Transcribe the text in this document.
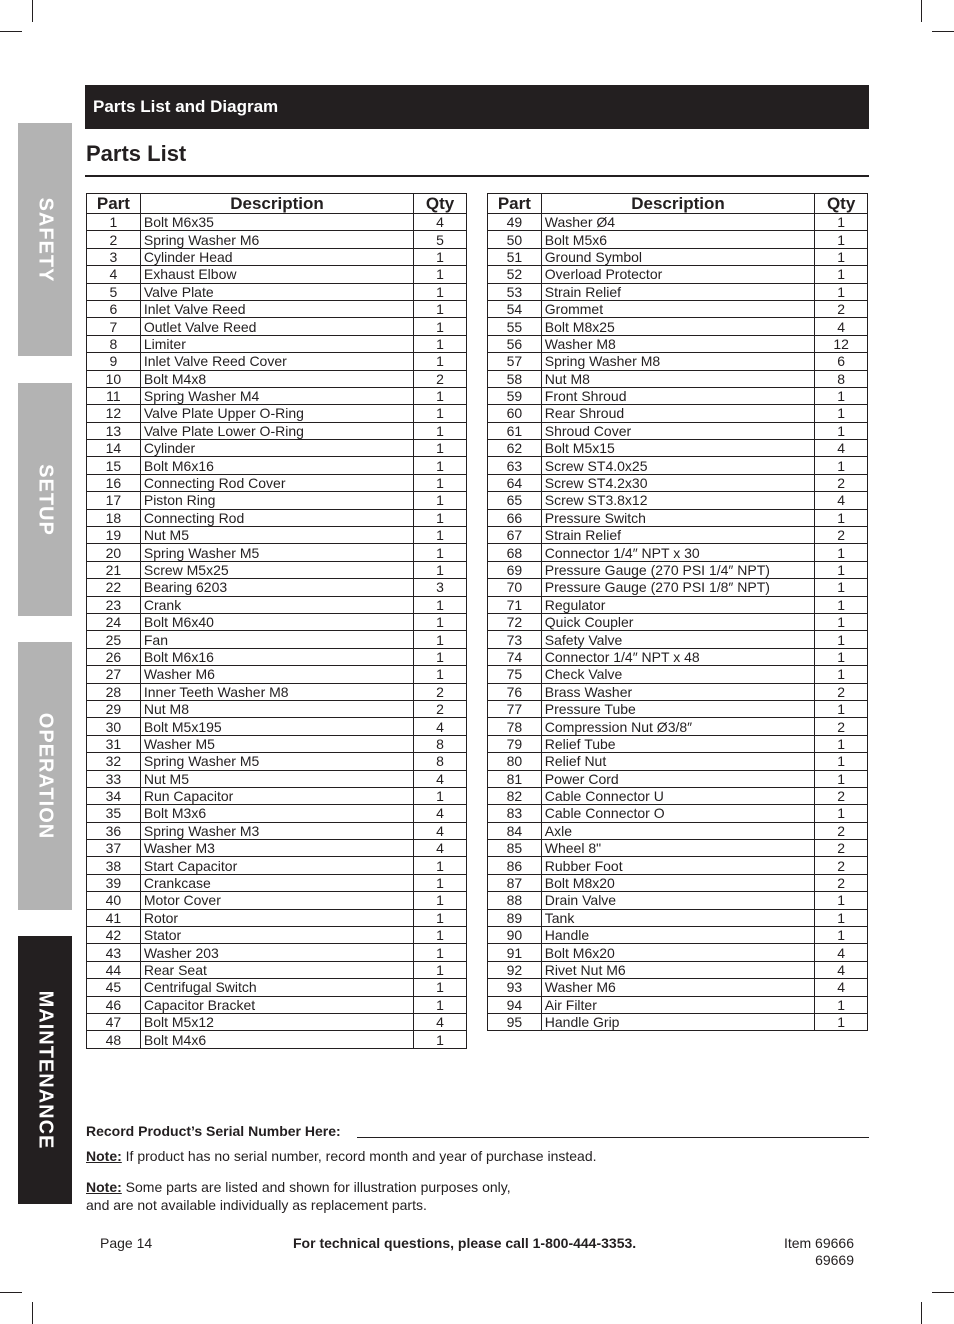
SAFETY
SETUP
OPERATION
MAINTENANCE
Parts List and Diagram
Parts List
Part	Description	Qty
1	Bolt M6x35	4
2	Spring Washer M6	5
3	Cylinder Head	1
4	Exhaust Elbow	1
5	Valve Plate	1
6	Inlet Valve Reed	1
7	Outlet Valve Reed	1
8	Limiter	1
9	Inlet Valve Reed Cover	1
10	Bolt M4x8	2
11	Spring Washer M4	1
12	Valve Plate Upper O-Ring	1
13	Valve Plate Lower O-Ring	1
14	Cylinder	1
15	Bolt M6x16	1
16	Connecting Rod Cover	1
17	Piston Ring	1
18	Connecting Rod	1
19	Nut M5	1
20	Spring Washer M5	1
21	Screw M5x25	1
22	Bearing 6203	3
23	Crank	1
24	Bolt M6x40	1
25	Fan	1
26	Bolt M6x16	1
27	Washer M6	1
28	Inner Teeth Washer M8	2
29	Nut M8	2
30	Bolt M5x195	4
31	Washer M5	8
32	Spring Washer M5	8
33	Nut M5	4
34	Run Capacitor	1
35	Bolt M3x6	4
36	Spring Washer M3	4
37	Washer M3	4
38	Start Capacitor	1
39	Crankcase	1
40	Motor Cover	1
41	Rotor	1
42	Stator	1
43	Washer 203	1
44	Rear Seat	1
45	Centrifugal Switch	1
46	Capacitor Bracket	1
47	Bolt M5x12	4
48	Bolt M4x6	1
Part	Description	Qty
49	Washer Ø4	1
50	Bolt M5x6	1
51	Ground Symbol	1
52	Overload Protector	1
53	Strain Relief	1
54	Grommet	2
55	Bolt M8x25	4
56	Washer M8	12
57	Spring Washer M8	6
58	Nut M8	8
59	Front Shroud	1
60	Rear Shroud	1
61	Shroud Cover	1
62	Bolt M5x15	4
63	Screw ST4.0x25	1
64	Screw ST4.2x30	2
65	Screw ST3.8x12	4
66	Pressure Switch	1
67	Strain Relief	2
68	Connector 1/4″ NPT x 30	1
69	Pressure Gauge (270 PSI 1/4″ NPT)	1
70	Pressure Gauge (270 PSI 1/8″ NPT)	1
71	Regulator	1
72	Quick Coupler	1
73	Safety Valve	1
74	Connector 1/4″ NPT x 48	1
75	Check Valve	1
76	Brass Washer	2
77	Pressure Tube	1
78	Compression Nut Ø3/8″	2
79	Relief Tube	1
80	Relief Nut	1
81	Power Cord	1
82	Cable Connector U	2
83	Cable Connector O	1
84	Axle	2
85	Wheel 8"	2
86	Rubber Foot	2
87	Bolt M8x20	2
88	Drain Valve	1
89	Tank	1
90	Handle	1
91	Bolt M6x20	4
92	Rivet Nut M6	4
93	Washer M6	4
94	Air Filter	1
95	Handle Grip	1
Record Product’s Serial Number Here:
Note: If product has no serial number, record month and year of purchase instead.
Note: Some parts are listed and shown for illustration purposes only,
and are not available individually as replacement parts.
Page 14	For technical questions, please call 1-800-444-3353.	Item 69666
69669
